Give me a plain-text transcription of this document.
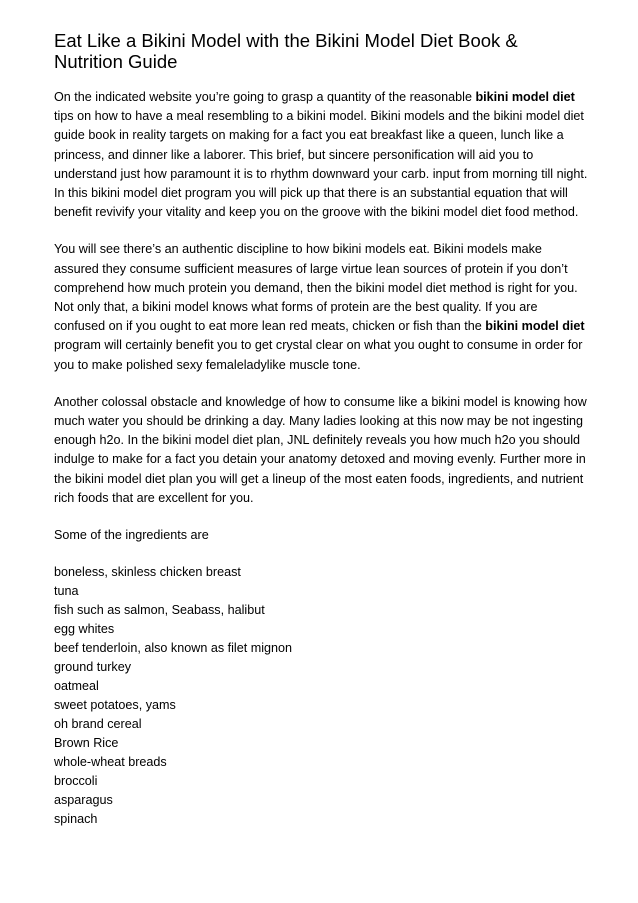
Eat Like a Bikini Model with the Bikini Model Diet Book & Nutrition Guide

On the indicated website you’re going to grasp a quantity of the reasonable bikini model diet tips on how to have a meal resembling to a bikini model. Bikini models and the bikini model diet guide book in reality targets on making for a fact you eat breakfast like a queen, lunch like a princess, and dinner like a laborer. This brief, but sincere personification will aid you to understand just how paramount it is to rhythm downward your carb. input from morning till night. In this bikini model diet program you will pick up that there is an substantial equation that will benefit revivify your vitality and keep you on the groove with the bikini model diet food method.

You will see there’s an authentic discipline to how bikini models eat. Bikini models make assured they consume sufficient measures of large virtue lean sources of protein if you don’t comprehend how much protein you demand, then the bikini model diet method is right for you. Not only that, a bikini model knows what forms of protein are the best quality. If you are confused on if you ought to eat more lean red meats, chicken or fish than the bikini model diet program will certainly benefit you to get crystal clear on what you ought to consume in order for you to make polished sexy femaleladylike muscle tone.

Another colossal obstacle and knowledge of how to consume like a bikini model is knowing how much water you should be drinking a day. Many ladies looking at this now may be not ingesting enough h2o. In the bikini model diet plan, JNL definitely reveals you how much h2o you should indulge to make for a fact you detain your anatomy detoxed and moving evenly. Further more in the bikini model diet plan you will get a lineup of the most eaten foods, ingredients, and nutrient rich foods that are excellent for you.

Some of the ingredients are

boneless, skinless chicken breast
tuna
fish such as salmon, Seabass, halibut
egg whites
beef tenderloin, also known as filet mignon
ground turkey
oatmeal
sweet potatoes, yams
oh brand cereal
Brown Rice
whole-wheat breads
broccoli
asparagus
spinach
